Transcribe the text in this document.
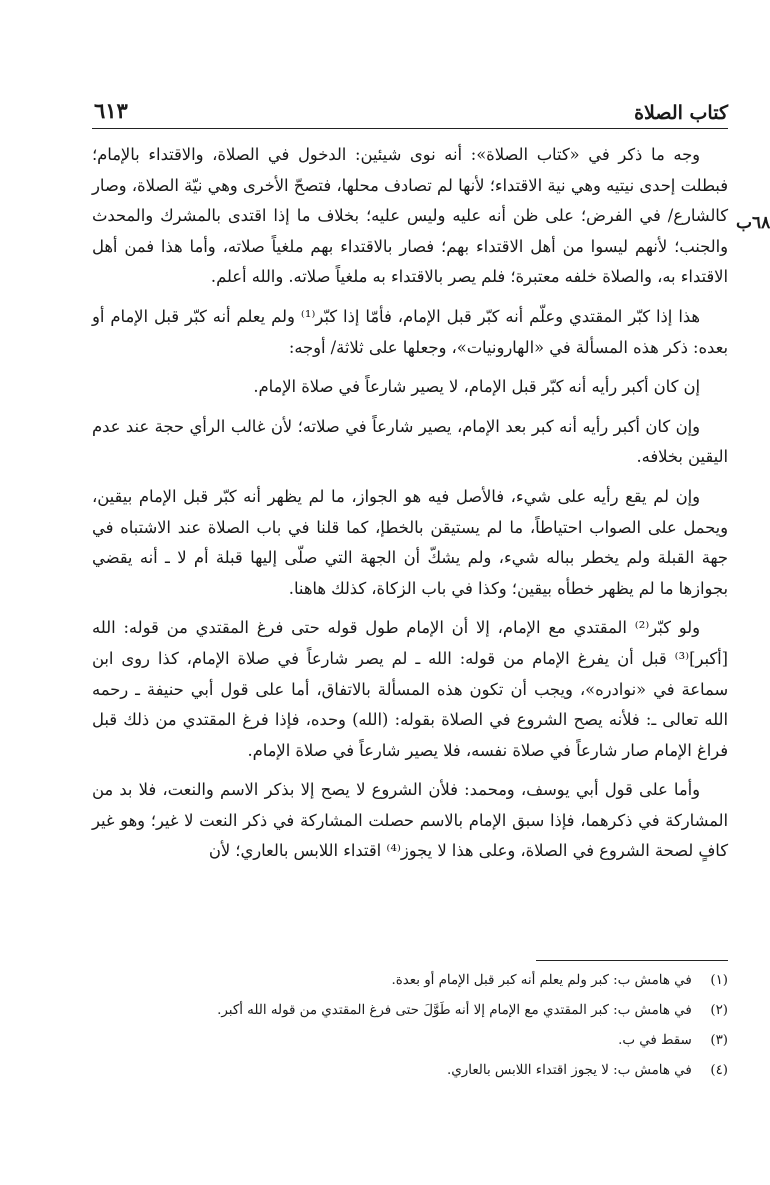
كتاب الصلاة
٦١٣
٦٨ب

وجه ما ذكر في «كتاب الصلاة»: أنه نوى شيئين: الدخول في الصلاة، والاقتداء بالإمام؛ فبطلت إحدى نيتيه وهي نية الاقتداء؛ لأنها لم تصادف محلها، فتصحّ الأخرى وهي نيّة الصلاة، وصار كالشارع/ في الفرض؛ على ظن أنه عليه وليس عليه؛ بخلاف ما إذا اقتدى بالمشرك والمحدث والجنب؛ لأنهم ليسوا من أهل الاقتداء بهم؛ فصار بالاقتداء بهم ملغياً صلاته، وأما هذا فمن أهل الاقتداء به، والصلاة خلفه معتبرة؛ فلم يصر بالاقتداء به ملغياً صلاته. والله أعلم.

هذا إذا كبّر المقتدي وعلّم أنه كبّر قبل الإمام، فأمّا إذا كبّر⁽¹⁾ ولم يعلم أنه كبّر قبل الإمام أو بعده: ذكر هذه المسألة في «الهارونيات»، وجعلها على ثلاثة/ أوجه:

إن كان أكبر رأيه أنه كبّر قبل الإمام، لا يصير شارعاً في صلاة الإمام.

وإن كان أكبر رأيه أنه كبر بعد الإمام، يصير شارعاً في صلاته؛ لأن غالب الرأي حجة عند عدم اليقين بخلافه.

وإن لم يقع رأيه على شيء، فالأصل فيه هو الجواز، ما لم يظهر أنه كبّر قبل الإمام بيقين، ويحمل على الصواب احتياطاً، ما لم يستيقن بالخطإ، كما قلنا في باب الصلاة عند الاشتباه في جهة القبلة ولم يخطر بباله شيء، ولم يشكّ أن الجهة التي صلّى إليها قبلة أم لا ـ أنه يقضي بجوازها ما لم يظهر خطأه بيقين؛ وكذا في باب الزكاة، كذلك هاهنا.

ولو كبّر⁽²⁾ المقتدي مع الإمام، إلا أن الإمام طول قوله حتى فرغ المقتدي من قوله: الله [أكبر]⁽³⁾ قبل أن يفرغ الإمام من قوله: الله ـ لم يصر شارعاً في صلاة الإمام، كذا روى ابن سماعة في «نوادره»، ويجب أن تكون هذه المسألة بالاتفاق، أما على قول أبي حنيفة ـ رحمه الله تعالى ـ: فلأنه يصح الشروع في الصلاة بقوله: (الله) وحده، فإذا فرغ المقتدي من ذلك قبل فراغ الإمام صار شارعاً في صلاة نفسه، فلا يصير شارعاً في صلاة الإمام.

وأما على قول أبي يوسف، ومحمد: فلأن الشروع لا يصح إلا بذكر الاسم والنعت، فلا بد من المشاركة في ذكرهما، فإذا سبق الإمام بالاسم حصلت المشاركة في ذكر النعت لا غير؛ وهو غير كافٍ لصحة الشروع في الصلاة، وعلى هذا لا يجوز⁽⁴⁾ اقتداء اللابس بالعاري؛ لأن

(١) في هامش ب: كبر ولم يعلم أنه كبر قبل الإمام أو بعدة.

(٢) في هامش ب: كبر المقتدي مع الإمام إلا أنه طَوَّلَ حتى فرغ المقتدي من قوله الله أكبر.

(٣) سقط في ب.

(٤) في هامش ب: لا يجوز اقتداء اللابس بالعاري.
